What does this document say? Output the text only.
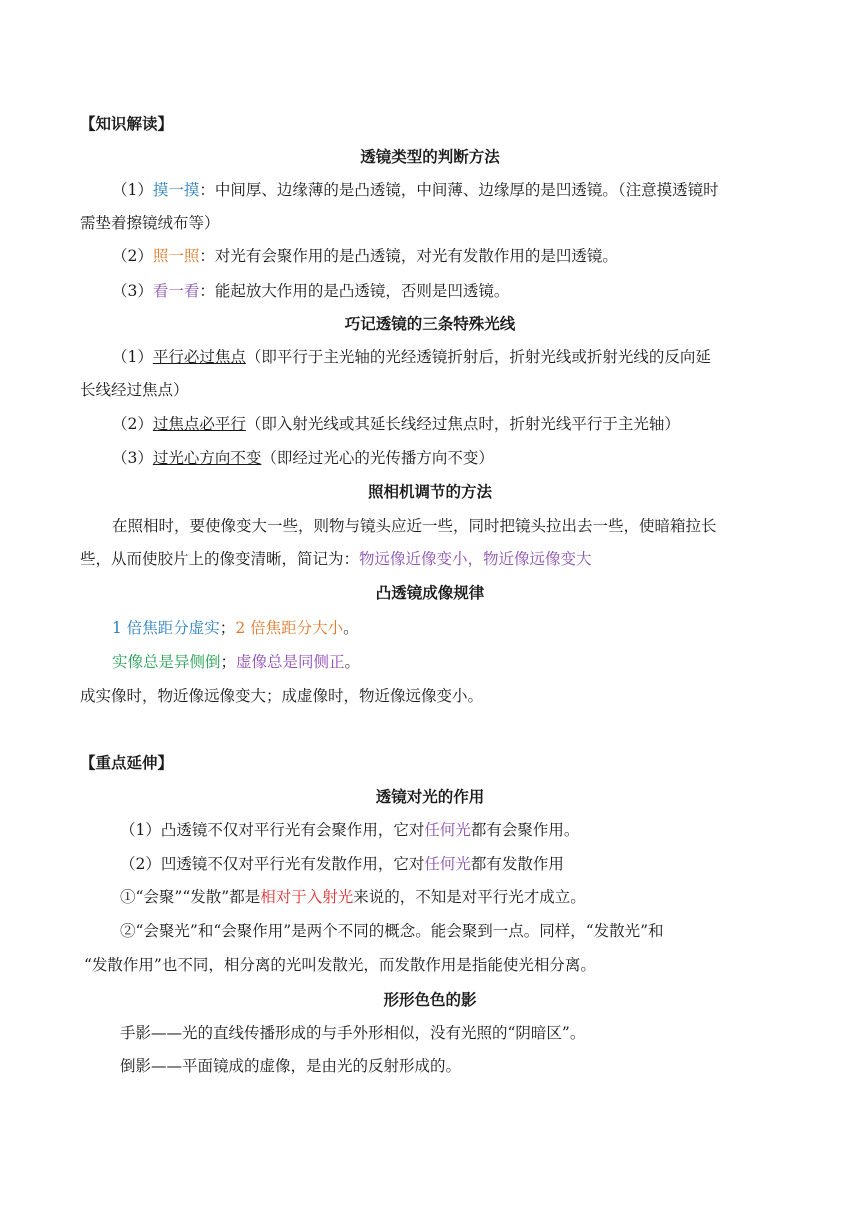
【知识解读】
透镜类型的判断方法
（1）摸一摸：中间厚、边缘薄的是凸透镜，中间薄、边缘厚的是凹透镜。（注意摸透镜时
需垫着擦镜绒布等）
（2）照一照：对光有会聚作用的是凸透镜，对光有发散作用的是凹透镜。
（3）看一看：能起放大作用的是凸透镜，否则是凹透镜。
巧记透镜的三条特殊光线
（1）平行必过焦点（即平行于主光轴的光经透镜折射后，折射光线或折射光线的反向延
长线经过焦点）
（2）过焦点必平行（即入射光线或其延长线经过焦点时，折射光线平行于主光轴）
（3）过光心方向不变（即经过光心的光传播方向不变）
照相机调节的方法
在照相时，要使像变大一些，则物与镜头应近一些，同时把镜头拉出去一些，使暗箱拉长
些，从而使胶片上的像变清晰，简记为：物远像近像变小，物近像远像变大
凸透镜成像规律
1 倍焦距分虚实；2 倍焦距分大小。
实像总是异侧倒；虚像总是同侧正。
成实像时，物近像远像变大；成虚像时，物近像远像变小。
【重点延伸】
透镜对光的作用
（1）凸透镜不仅对平行光有会聚作用，它对任何光都有会聚作用。
（2）凹透镜不仅对平行光有发散作用，它对任何光都有发散作用
①“会聚”“发散”都是相对于入射光来说的，不知是对平行光才成立。
②“会聚光”和“会聚作用”是两个不同的概念。能会聚到一点。同样，“发散光”和
“发散作用”也不同，相分离的光叫发散光，而发散作用是指能使光相分离。
形形色色的影
手影——光的直线传播形成的与手外形相似，没有光照的“阴暗区”。
倒影——平面镜成的虚像，是由光的反射形成的。
